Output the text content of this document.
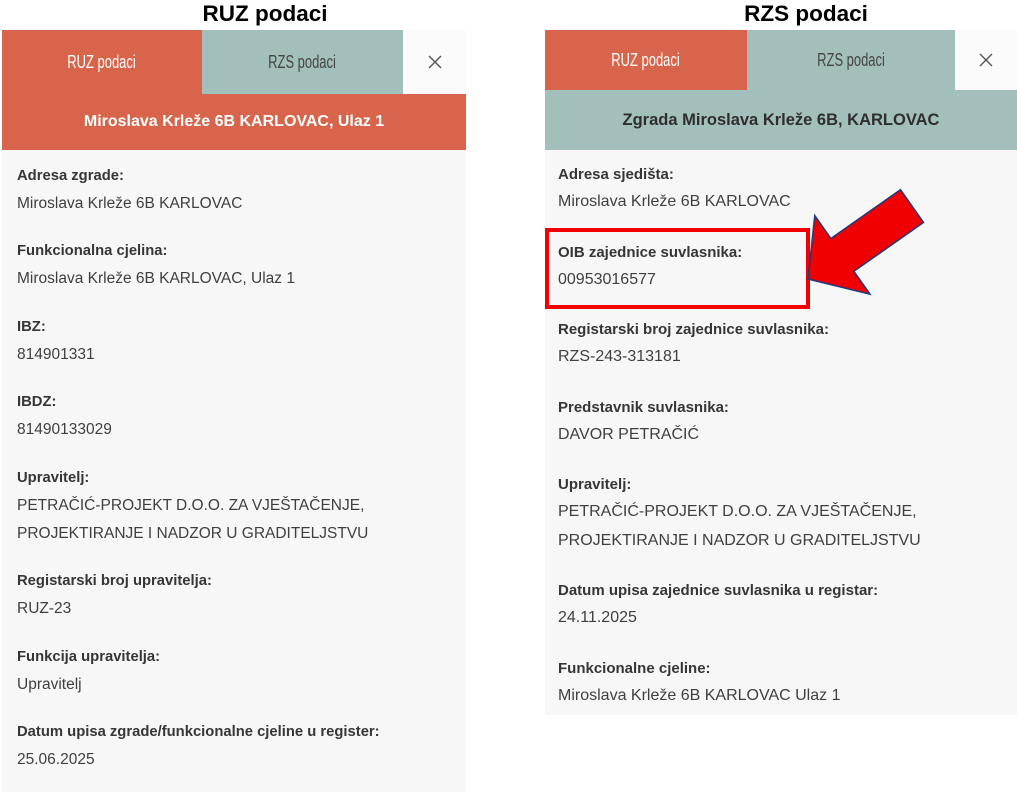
RUZ podaci	RZS podaci
RUZ podaci	RZS podaci
Miroslava Krleže 6B KARLOVAC, Ulaz 1
Adresa zgrade:
Miroslava Krleže 6B KARLOVAC
Funkcionalna cjelina:
Miroslava Krleže 6B KARLOVAC, Ulaz 1
IBZ:
814901331
IBDZ:
81490133029
Upravitelj:
PETRAČIĆ-PROJEKT D.O.O. ZA VJEŠTAČENJE,
PROJEKTIRANJE I NADZOR U GRADITELJSTVU
Registarski broj upravitelja:
RUZ-23
Funkcija upravitelja:
Upravitelj
Datum upisa zgrade/funkcionalne cjeline u register:
25.06.2025
RUZ podaci	RZS podaci
Zgrada Miroslava Krleže 6B, KARLOVAC
Adresa sjedišta:
Miroslava Krleže 6B KARLOVAC
OIB zajednice suvlasnika:
00953016577
Registarski broj zajednice suvlasnika:
RZS-243-313181
Predstavnik suvlasnika:
DAVOR PETRAČIĆ
Upravitelj:
PETRAČIĆ-PROJEKT D.O.O. ZA VJEŠTAČENJE,
PROJEKTIRANJE I NADZOR U GRADITELJSTVU
Datum upisa zajednice suvlasnika u registar:
24.11.2025
Funkcionalne cjeline:
Miroslava Krleže 6B KARLOVAC Ulaz 1
